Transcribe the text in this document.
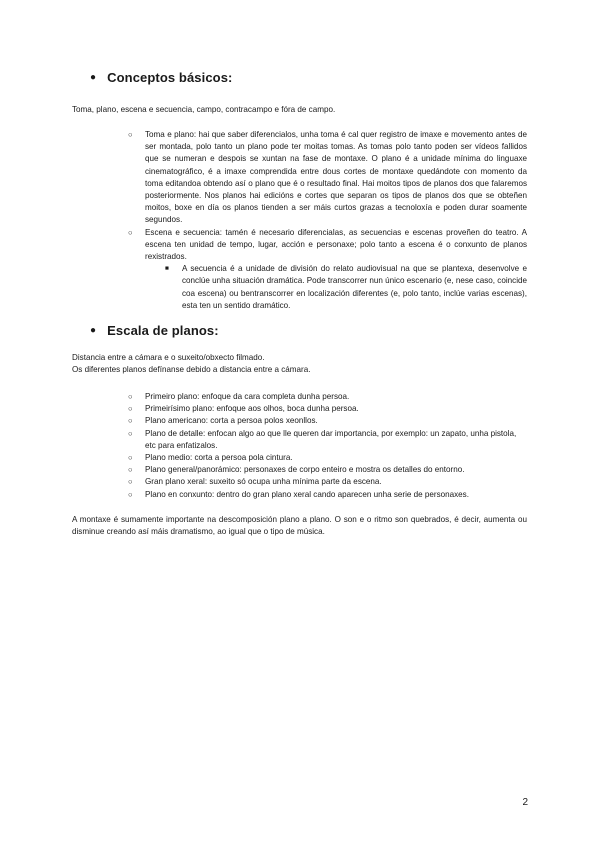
● Conceptos básicos:
Toma, plano, escena e secuencia, campo, contracampo e fóra de campo.
○ Toma e plano: hai que saber diferencialos, unha toma é cal quer registro de imaxe e movemento antes de ser montada, polo tanto un plano pode ter moitas tomas. As tomas polo tanto poden ser vídeos fallidos que se numeran e despois se xuntan na fase de montaxe. O plano é a unidade mínima do linguaxe cinematográfico, é a imaxe comprendida entre dous cortes de montaxe quedándote con momento da toma editandoa obtendo así o plano que é o resultado final. Hai moitos tipos de planos dos que falaremos posteriormente. Nos planos hai edicións e cortes que separan os tipos de planos dos que se obteñen moitos, boxe en día os planos tienden a ser máis curtos grazas a tecnoloxía e poden durar soamente segundos.
○ Escena e secuencia: tamén é necesario diferencialas, as secuencias e escenas proveñen do teatro. A escena ten unidad de tempo, lugar, acción e personaxe; polo tanto a escena é o conxunto de planos rexistrados.
■ A secuencia é a unidade de división do relato audiovisual na que se plantexa, desenvolve e conclúe unha situación dramática. Pode transcorrer nun único escenario (e, nese caso, coincide coa escena) ou bentranscorrer en localización diferentes (e, polo tanto, inclúe varias escenas), esta ten un sentido dramático.
● Escala de planos:
Distancia entre a cámara e o suxeito/obxecto filmado.
Os diferentes planos defínanse debido a distancia entre a cámara.
○ Primeiro plano: enfoque da cara completa dunha persoa.
○ Primeirísimo plano: enfoque aos olhos, boca dunha persoa.
○ Plano americano: corta a persoa polos xeonllos.
○ Plano de detalle: enfocan algo ao que lle queren dar importancia, por exemplo: un zapato, unha pistola, etc para enfatizalos.
○ Plano medio: corta a persoa pola cintura.
○ Plano general/panorámico: personaxes de corpo enteiro e mostra os detalles do entorno.
○ Gran plano xeral: suxeito só ocupa unha mínima parte da escena.
○ Plano en conxunto: dentro do gran plano xeral cando aparecen unha serie de personaxes.
A montaxe é sumamente importante na descomposición plano a plano. O son e o ritmo son quebrados, é decir, aumenta ou disminue creando así máis dramatismo, ao igual que o tipo de música.
2
